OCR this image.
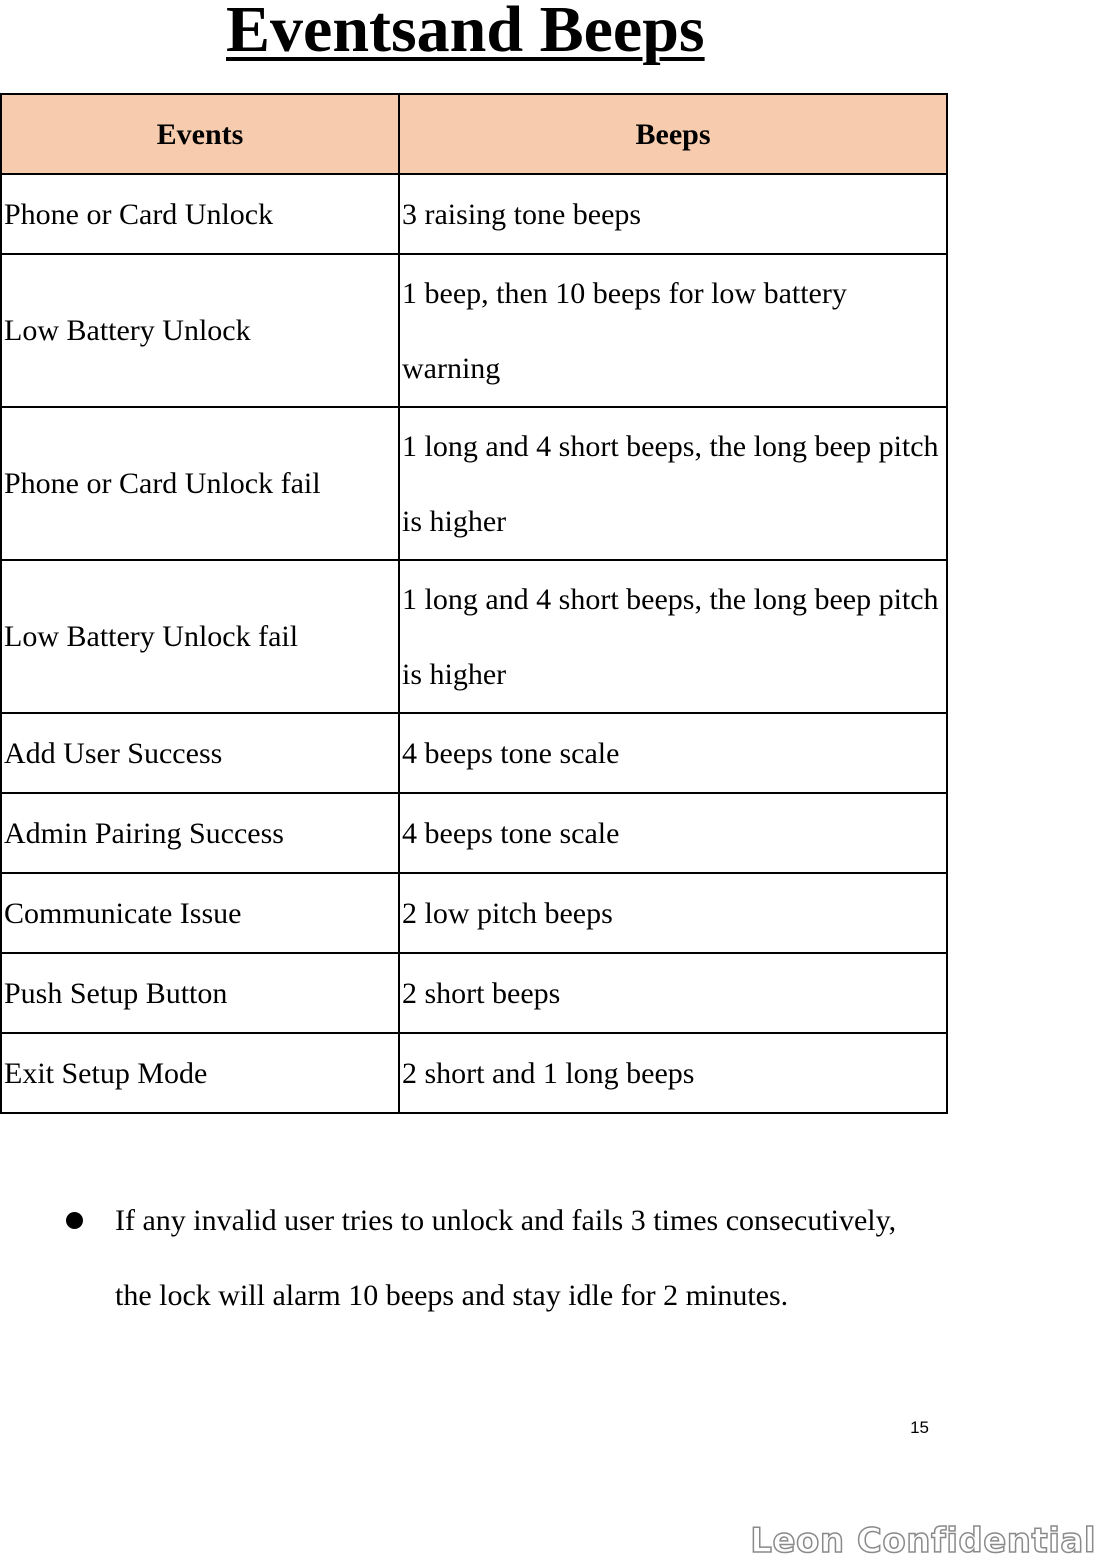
Eventsand Beeps
Events	Beeps
Phone or Card Unlock	3 raising tone beeps
Low Battery Unlock	1 beep, then 10 beeps for low battery warning
Phone or Card Unlock fail	1 long and 4 short beeps, the long beep pitch is higher
Low Battery Unlock fail	1 long and 4 short beeps, the long beep pitch is higher
Add User Success	4 beeps tone scale
Admin Pairing Success	4 beeps tone scale
Communicate Issue	2 low pitch beeps
Push Setup Button	2 short beeps
Exit Setup Mode	2 short and 1 long beeps
If any invalid user tries to unlock and fails 3 times consecutively, the lock will alarm 10 beeps and stay idle for 2 minutes.
15
Leon Confidential
